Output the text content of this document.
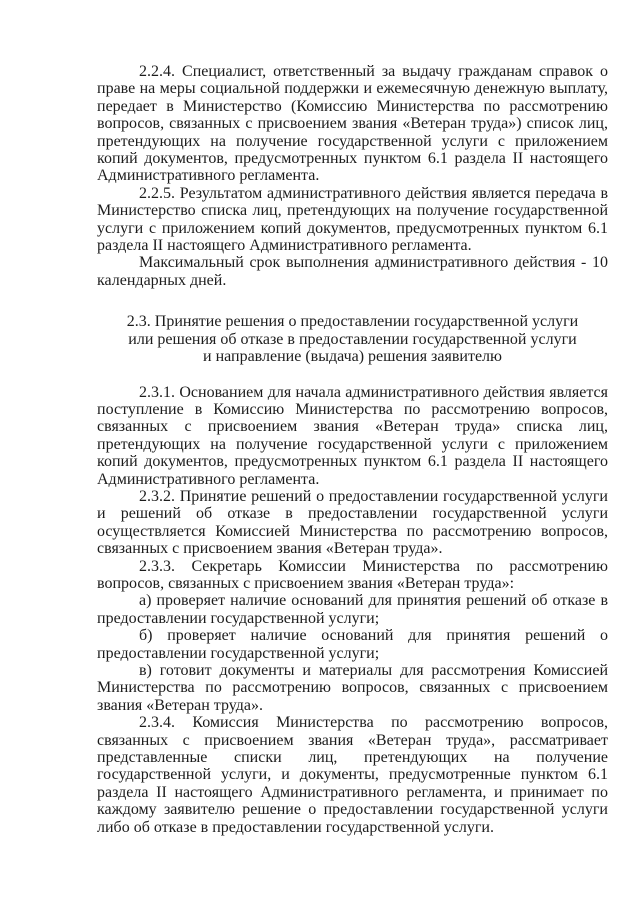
2.2.4. Специалист, ответственный за выдачу гражданам справок о праве на меры социальной поддержки и ежемесячную денежную выплату, передает в Министерство (Комиссию Министерства по рассмотрению вопросов, связанных с присвоением звания «Ветеран труда») список лиц, претендующих на получение государственной услуги с приложением копий документов, предусмотренных пунктом 6.1 раздела II настоящего Административного регламента.

2.2.5. Результатом административного действия является передача в Министерство списка лиц, претендующих на получение государственной услуги с приложением копий документов, предусмотренных пунктом 6.1 раздела II настоящего Административного регламента.

Максимальный срок выполнения административного действия - 10 календарных дней.

2.3. Принятие решения о предоставлении государственной услуги
или решения об отказе в предоставлении государственной услуги
и направление (выдача) решения заявителю

2.3.1. Основанием для начала административного действия является поступление в Комиссию Министерства по рассмотрению вопросов, связанных с присвоением звания «Ветеран труда» списка лиц, претендующих на получение государственной услуги с приложением копий документов, предусмотренных пунктом 6.1 раздела II настоящего Административного регламента.

2.3.2. Принятие решений о предоставлении государственной услуги и решений об отказе в предоставлении государственной услуги осуществляется Комиссией Министерства по рассмотрению вопросов, связанных с присвоением звания «Ветеран труда».

2.3.3. Секретарь Комиссии Министерства по рассмотрению вопросов, связанных с присвоением звания «Ветеран труда»:

а) проверяет наличие оснований для принятия решений об отказе в предоставлении государственной услуги;

б) проверяет наличие оснований для принятия решений о предоставлении государственной услуги;

в) готовит документы и материалы для рассмотрения Комиссией Министерства по рассмотрению вопросов, связанных с присвоением звания «Ветеран труда».

2.3.4. Комиссия Министерства по рассмотрению вопросов, связанных с присвоением звания «Ветеран труда», рассматривает представленные списки лиц, претендующих на получение государственной услуги, и документы, предусмотренные пунктом 6.1 раздела II настоящего Административного регламента, и принимает по каждому заявителю решение о предоставлении государственной услуги либо об отказе в предоставлении государственной услуги.
